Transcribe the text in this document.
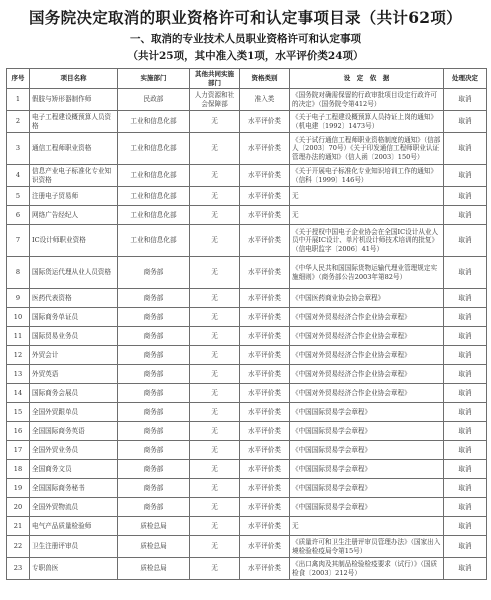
国务院决定取消的职业资格许可和认定事项目录（共计62项）
一、取消的专业技术人员职业资格许可和认定事项
（共计25项，其中准入类1项，水平评价类24项）
序号	项目名称	实施部门	其他共同实施部门	资格类别	设　定　依　据	处理决定
1	假肢与矫形器制作师	民政部	人力资源和社会保障部	准入类	《国务院对确需保留的行政审批项目设定行政许可的决定》（国务院令第412号）	取消
2	电子工程建设概预算人员资格	工业和信息化部	无	水平评价类	《关于电子工程建设概预算人员持证上岗的通知》（机电建〔1992〕1473号）	取消
3	通信工程师职业资格	工业和信息化部	无	水平评价类	《关于试行通信工程师职业资格制度的通知》（信部人〔2003〕70号）《关于印发通信工程师职业认证管理办法的通知》（信人函〔2003〕150号）	取消
4	信息产业电子标准化专业知识资格	工业和信息化部	无	水平评价类	《关于开展电子标准化专业知识培训工作的通知》（信科〔1999〕146号）	取消
5	注册电子贸易师	工业和信息化部	无	水平评价类	无	取消
6	网络广告经纪人	工业和信息化部	无	水平评价类	无	取消
7	IC设计师职业资格	工业和信息化部	无	水平评价类	《关于授权中国电子企业协会在全国IC设计从业人员中开展IC设计、单片机设计师技术培训的批复》（信电职监字〔2006〕41号）	取消
8	国际货运代理从业人员资格	商务部	无	水平评价类	《中华人民共和国国际货物运输代理业管理规定实施细则》（商务部公告2003年第82号）	取消
9	医药代表资格	商务部	无	水平评价类	《中国医药商业协会协会章程》	取消
10	国际商务单证员	商务部	无	水平评价类	《中国对外贸易经济合作企业协会章程》	取消
11	国际贸易业务员	商务部	无	水平评价类	《中国对外贸易经济合作企业协会章程》	取消
12	外贸会计	商务部	无	水平评价类	《中国对外贸易经济合作企业协会章程》	取消
13	外贸英语	商务部	无	水平评价类	《中国对外贸易经济合作企业协会章程》	取消
14	国际商务会展员	商务部	无	水平评价类	《中国对外贸易经济合作企业协会章程》	取消
15	全国外贸跟单员	商务部	无	水平评价类	《中国国际贸易学会章程》	取消
16	全国国际商务英语	商务部	无	水平评价类	《中国国际贸易学会章程》	取消
17	全国外贸业务员	商务部	无	水平评价类	《中国国际贸易学会章程》	取消
18	全国商务文员	商务部	无	水平评价类	《中国国际贸易学会章程》	取消
19	全国国际商务秘书	商务部	无	水平评价类	《中国国际贸易学会章程》	取消
20	全国外贸物流员	商务部	无	水平评价类	《中国国际贸易学会章程》	取消
21	电气产品质量检验师	质检总局	无	水平评价类	无	取消
22	卫生注册评审员	质检总局	无	水平评价类	《质量许可和卫生注册评审员管理办法》（国家出入境检验检疫局令第15号）	取消
23	专职兽医	质检总局	无	水平评价类	《出口禽肉及其制品检验检疫要求（试行）》（国质检食〔2003〕212号）	取消
